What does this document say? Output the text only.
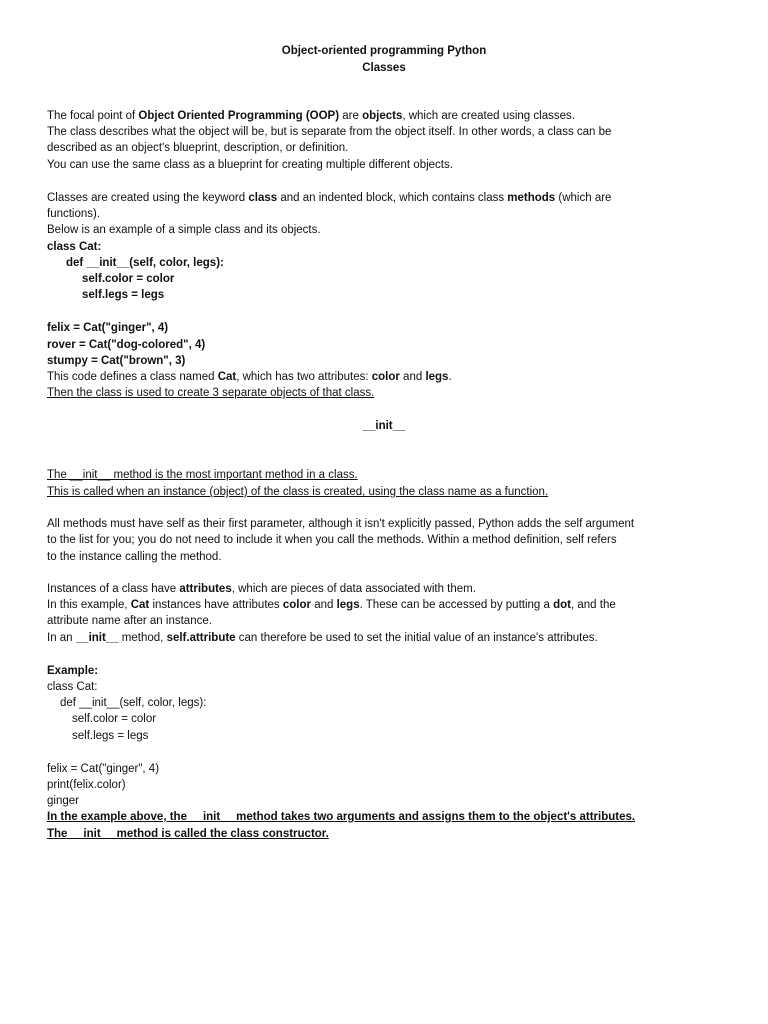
Object-oriented programming Python
Classes
The focal point of Object Oriented Programming (OOP) are objects, which are created using classes.
The class describes what the object will be, but is separate from the object itself. In other words, a class can be
described as an object's blueprint, description, or definition.
You can use the same class as a blueprint for creating multiple different objects.
Classes are created using the keyword class and an indented block, which contains class methods (which are
functions).
Below is an example of a simple class and its objects.
class Cat:
def __init__(self, color, legs):
self.color = color
self.legs = legs
felix = Cat("ginger", 4)
rover = Cat("dog-colored", 4)
stumpy = Cat("brown", 3)
This code defines a class named Cat, which has two attributes: color and legs.
Then the class is used to create 3 separate objects of that class.
__init__
The __init__ method is the most important method in a class.
This is called when an instance (object) of the class is created, using the class name as a function.
All methods must have self as their first parameter, although it isn't explicitly passed, Python adds the self argument
to the list for you; you do not need to include it when you call the methods. Within a method definition, self refers
to the instance calling the method.
Instances of a class have attributes, which are pieces of data associated with them.
In this example, Cat instances have attributes color and legs. These can be accessed by putting a dot, and the
attribute name after an instance.
In an __init__ method, self.attribute can therefore be used to set the initial value of an instance's attributes.
Example:
class Cat:
def __init__(self, color, legs):
self.color = color
self.legs = legs
felix = Cat("ginger", 4)
print(felix.color)
ginger
In the example above, the __init__ method takes two arguments and assigns them to the object's attributes.
The __init__ method is called the class constructor.
